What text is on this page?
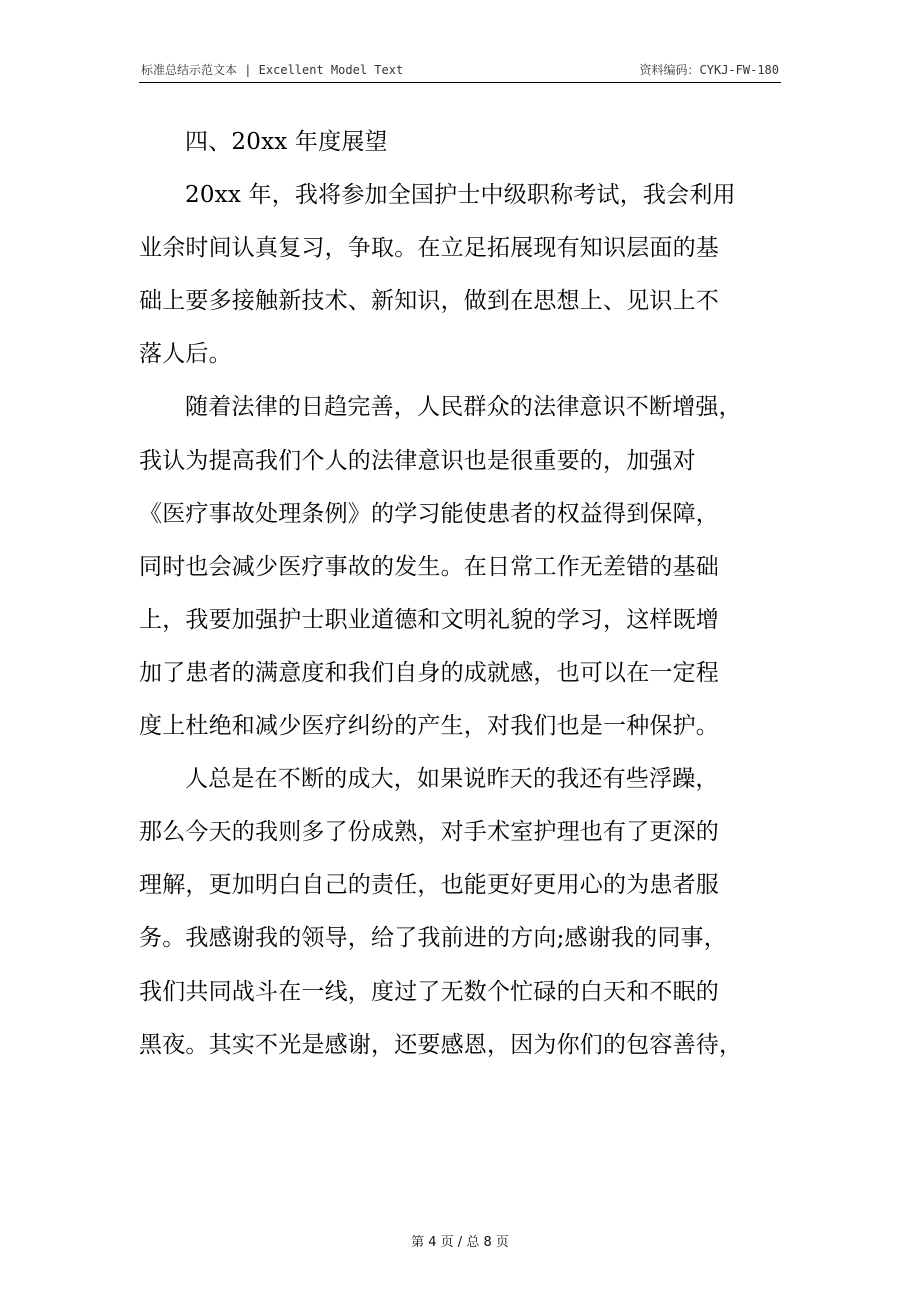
标准总结示范文本 | Excellent Model Text	资料编码：CYKJ-FW-180
四、20xx 年度展望
20xx 年，我将参加全国护士中级职称考试，我会利用
业余时间认真复习，争取。在立足拓展现有知识层面的基
础上要多接触新技术、新知识，做到在思想上、见识上不
落人后。
随着法律的日趋完善，人民群众的法律意识不断增强，
我认为提高我们个人的法律意识也是很重要的，加强对
《医疗事故处理条例》的学习能使患者的权益得到保障，
同时也会减少医疗事故的发生。在日常工作无差错的基础
上，我要加强护士职业道德和文明礼貌的学习，这样既增
加了患者的满意度和我们自身的成就感，也可以在一定程
度上杜绝和减少医疗纠纷的产生，对我们也是一种保护。
人总是在不断的成大，如果说昨天的我还有些浮躁，
那么今天的我则多了份成熟，对手术室护理也有了更深的
理解，更加明白自己的责任，也能更好更用心的为患者服
务。我感谢我的领导，给了我前进的方向;感谢我的同事，
我们共同战斗在一线，度过了无数个忙碌的白天和不眠的
黑夜。其实不光是感谢，还要感恩，因为你们的包容善待，
第 4 页 / 总 8 页
